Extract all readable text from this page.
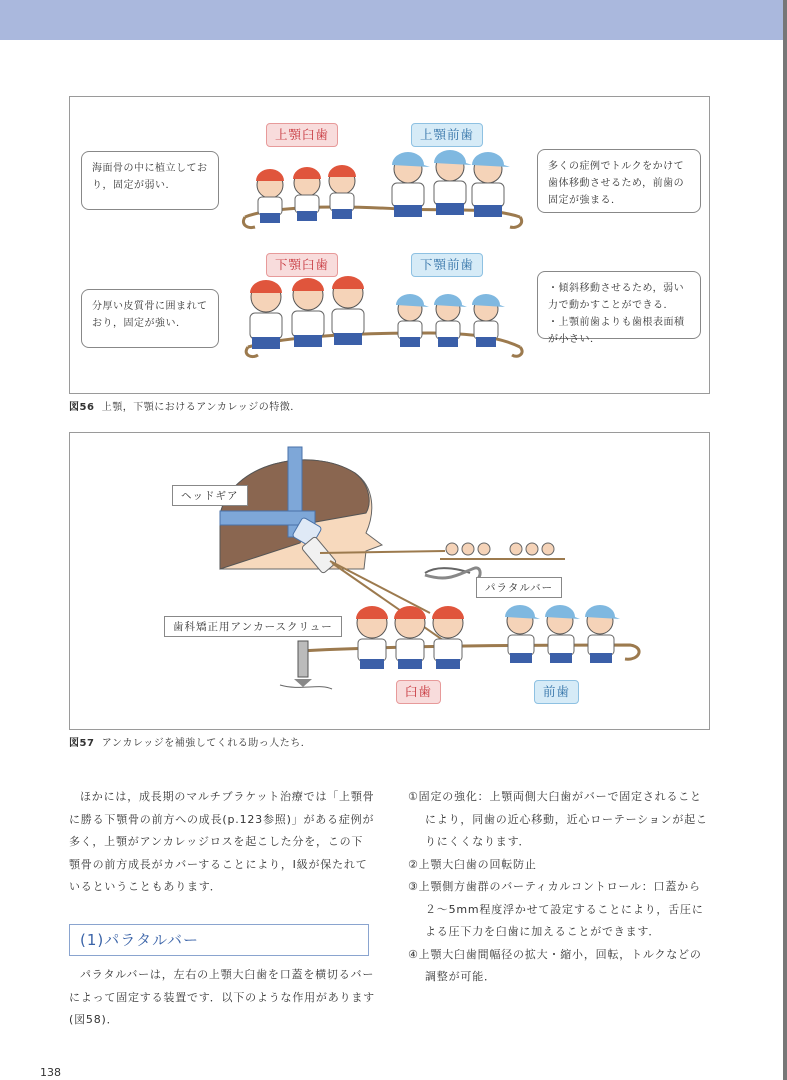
上顎臼歯	上顎前歯
下顎臼歯	下顎前歯
海面骨の中に植立しており，固定が弱い．
多くの症例でトルクをかけて歯体移動させるため，前歯の固定が強まる．
分厚い皮質骨に囲まれており，固定が強い．
・傾斜移動させるため，弱い力で動かすことができる．
・上顎前歯よりも歯根表面積が小さい．
図56 上顎，下顎におけるアンカレッジの特徴．
ヘッドギア
パラタルバー
歯科矯正用アンカースクリュー
臼歯	前歯
図57 アンカレッジを補強してくれる助っ人たち．

ほかには，成長期のマルチブラケット治療では「上顎骨に勝る下顎骨の前方への成長(p.123参照)」がある症例が多く，上顎がアンカレッジロスを起こした分を，この下顎骨の前方成長がカバーすることにより，Ⅰ級が保たれているということもあります．

(1)パラタルバー

パラタルバーは，左右の上顎大臼歯を口蓋を横切るバーによって固定する装置です．以下のような作用があります(図58)．

①固定の強化：上顎両側大臼歯がバーで固定されることにより，同歯の近心移動，近心ローテーションが起こりにくくなります．

②上顎大臼歯の回転防止

③上顎側方歯群のバーティカルコントロール：口蓋から２～5mm程度浮かせて設定することにより，舌圧による圧下力を臼歯に加えることができます．

④上顎大臼歯間幅径の拡大・縮小，回転，トルクなどの調整が可能．

138
